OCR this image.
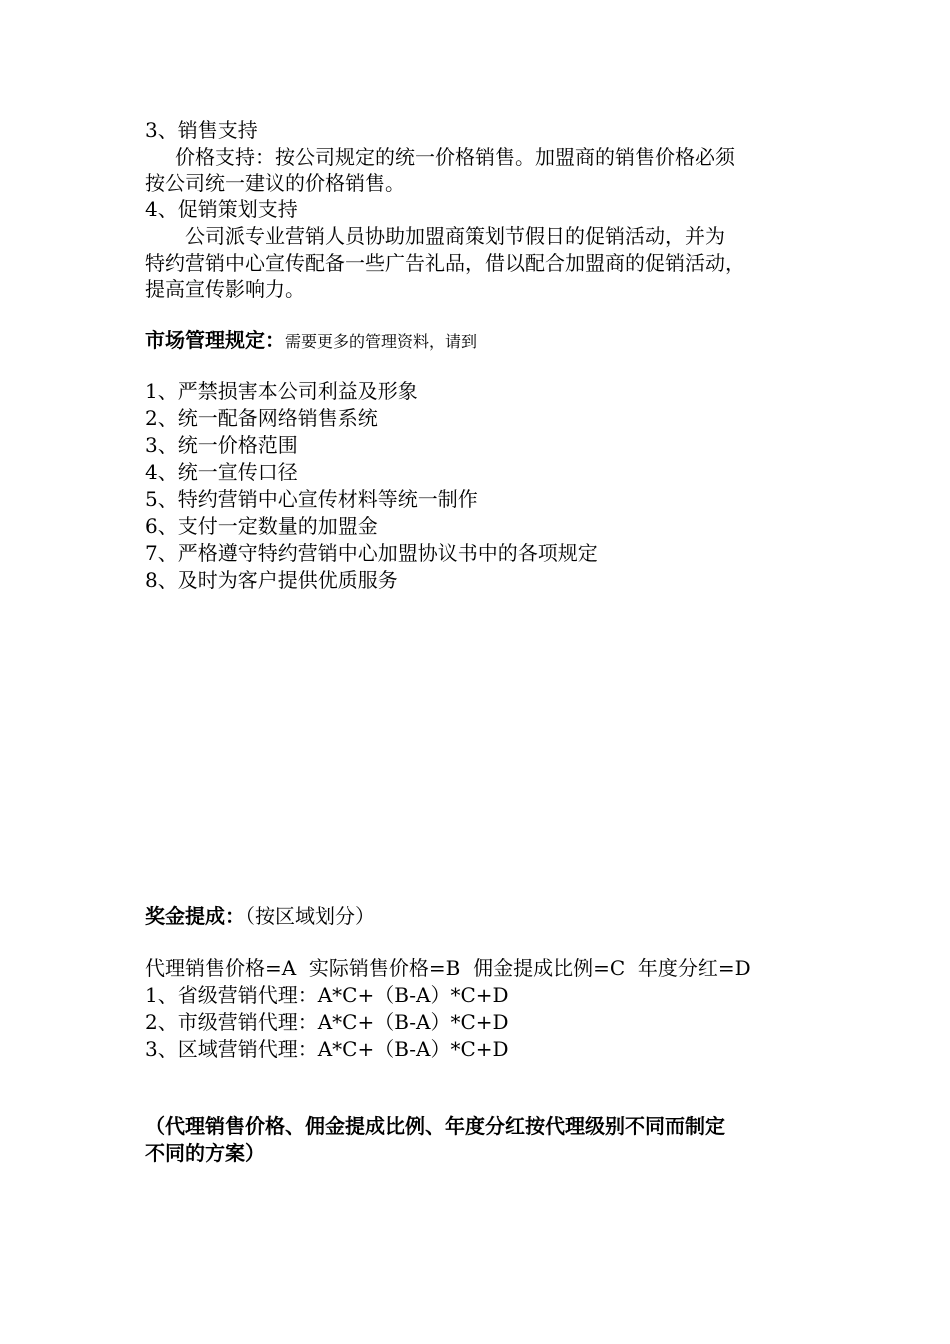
3、销售支持
价格支持：按公司规定的统一价格销售。加盟商的销售价格必须
按公司统一建议的价格销售。
4、促销策划支持
公司派专业营销人员协助加盟商策划节假日的促销活动，并为
特约营销中心宣传配备一些广告礼品，借以配合加盟商的促销活动，
提高宣传影响力。
市场管理规定：需要更多的管理资料，请到
1、严禁损害本公司利益及形象
2、统一配备网络销售系统
3、统一价格范围
4、统一宣传口径
5、特约营销中心宣传材料等统一制作
6、支付一定数量的加盟金
7、严格遵守特约营销中心加盟协议书中的各项规定
8、及时为客户提供优质服务
奖金提成：（按区域划分）
代理销售价格=A  实际销售价格=B  佣金提成比例=C  年度分红=D
1、省级营销代理：A*C+（B-A）*C+D
2、市级营销代理：A*C+（B-A）*C+D
3、区域营销代理：A*C+（B-A）*C+D
（代理销售价格、佣金提成比例、年度分红按代理级别不同而制定
不同的方案）
